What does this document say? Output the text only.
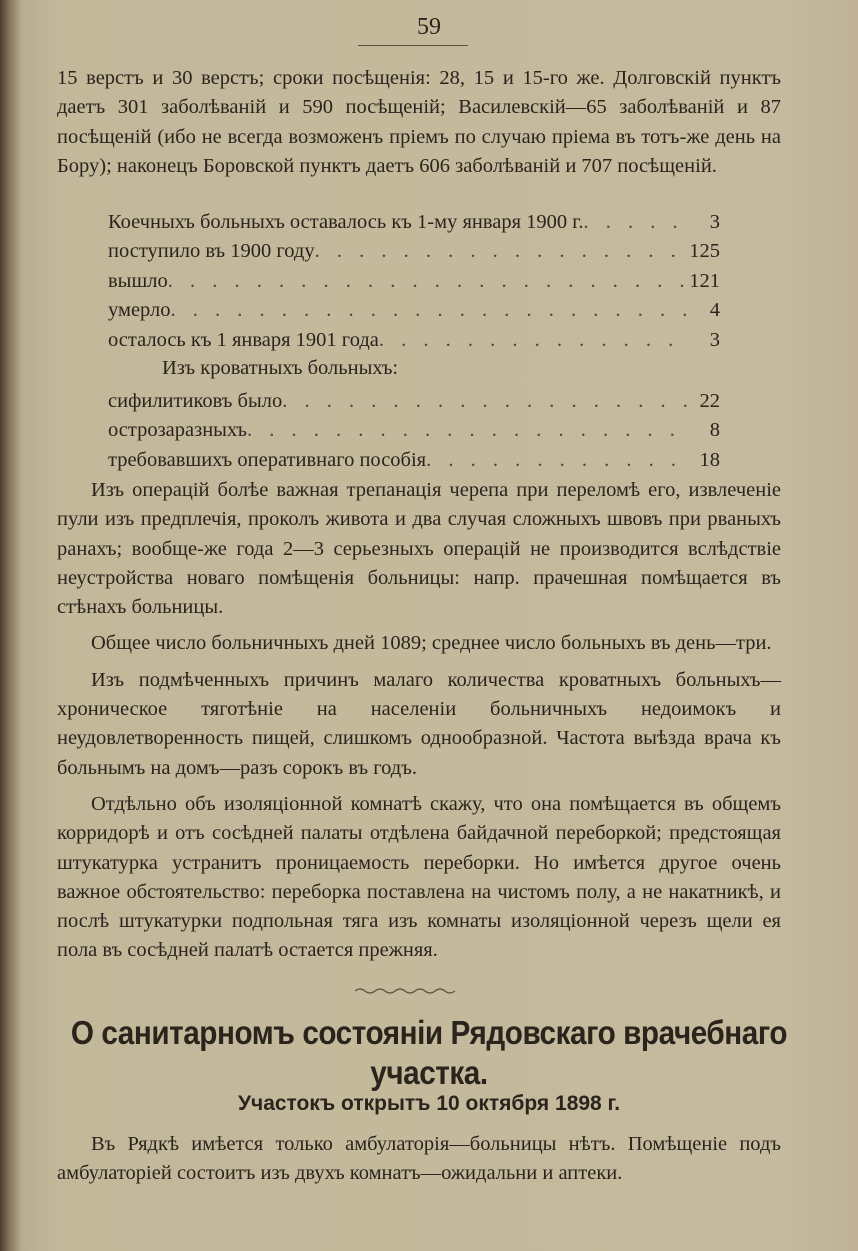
59

15 верстъ и 30 верстъ; сроки посѣщенія: 28, 15 и 15-го же. Долговскій пунктъ даетъ 301 заболѣваній и 590 посѣщеній; Василевскій—65 заболѣваній и 87 посѣщеній (ибо не всегда возможенъ пріемъ по случаю пріема въ тотъ-же день на Бору); наконецъ Боровской пунктъ даетъ 606 заболѣваній и 707 посѣщеній.

Коечныхъ больныхъ оставалось къ 1-му января 1900 г. . . .	3
поступило въ 1900 году . . .	125
вышло . . .	121
умерло . . .	4
осталось къ 1 января 1901 года . . .	3
Изъ кроватныхъ больныхъ:
сифилитиковъ было . . .	22
острозаразныхъ . . .	8
требовавшихъ оперативнаго пособія . . .	18

Изъ операцій болѣе важная трепанація черепа при переломѣ его, извлеченіе пули изъ предплечія, проколъ живота и два случая сложныхъ швовъ при рваныхъ ранахъ; вообще-же года 2—3 серьезныхъ операцій не производится вслѣдствіе неустройства новаго помѣщенія больницы: напр. прачешная помѣщается въ стѣнахъ больницы.

Общее число больничныхъ дней 1089; среднее число больныхъ въ день—три.

Изъ подмѣченныхъ причинъ малаго количества кроватныхъ больныхъ—хроническое тяготѣніе на населеніи больничныхъ недоимокъ и неудовлетворенность пищей, слишкомъ однообразной. Частота выѣзда врача къ больнымъ на домъ—разъ сорокъ въ годъ.

Отдѣльно объ изоляціонной комнатѣ скажу, что она помѣщается въ общемъ корридорѣ и отъ сосѣдней палаты отдѣлена байдачной переборкой; предстоящая штукатурка устранитъ проницаемость переборки. Но имѣется другое очень важное обстоятельство: переборка поставлена на чистомъ полу, а не накатникѣ, и послѣ штукатурки подпольная тяга изъ комнаты изоляціонной черезъ щели ея пола въ сосѣдней палатѣ остается прежняя.

О санитарномъ состояніи Рядовскаго врачебнаго
участка.
Участокъ открытъ 10 октября 1898 г.

Въ Рядкѣ имѣется только амбулаторія—больницы нѣтъ. Помѣщеніе подъ амбулаторіей состоитъ изъ двухъ комнатъ—ожидальни и аптеки.
